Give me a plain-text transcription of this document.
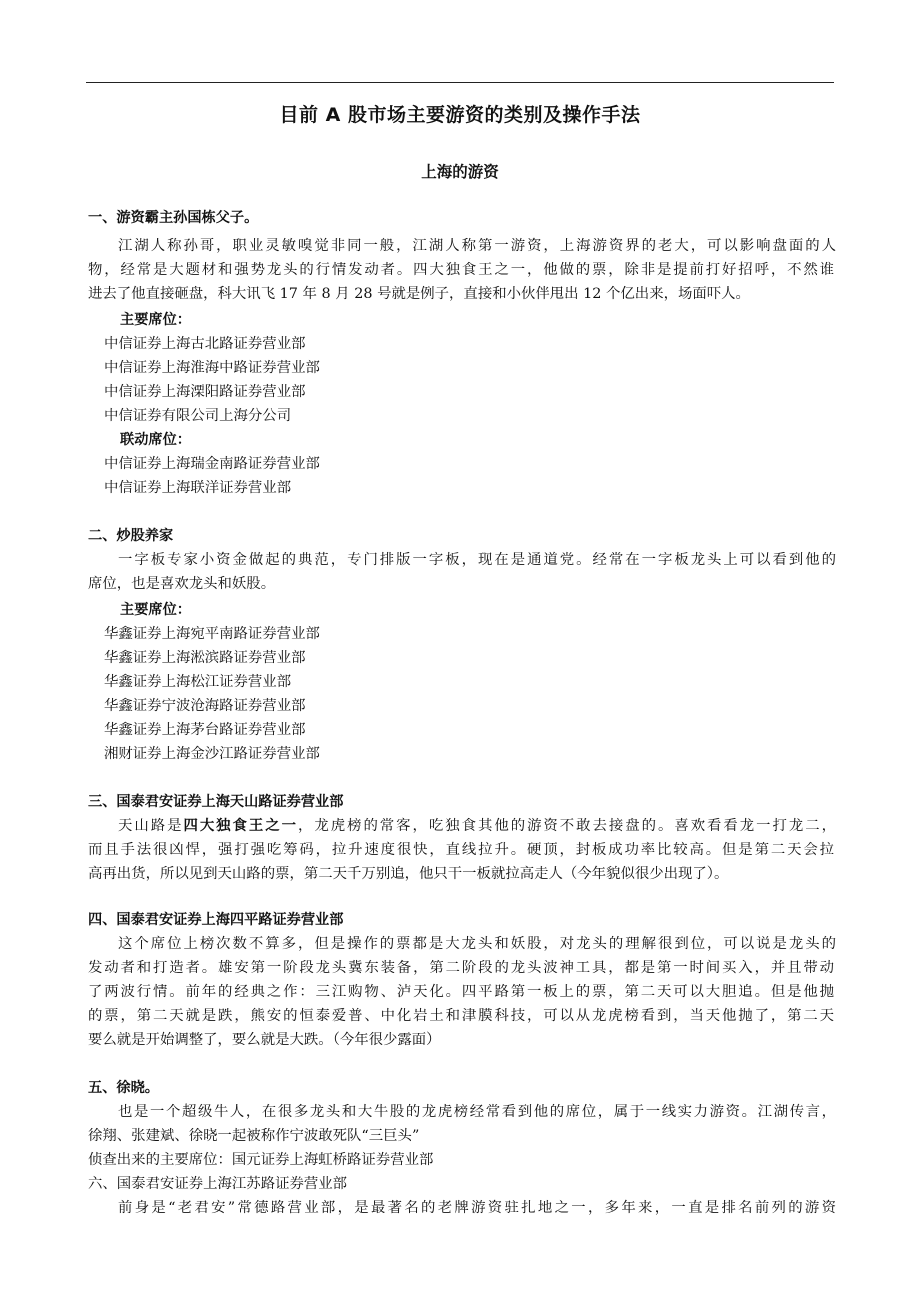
目前 A 股市场主要游资的类别及操作手法
上海的游资
一、游资霸主孙国栋父子。
江湖人称孙哥，职业灵敏嗅觉非同一般，江湖人称第一游资，上海游资界的老大，可以影响盘面的人
物，经常是大题材和强势龙头的行情发动者。四大独食王之一，他做的票，除非是提前打好招呼，不然谁
进去了他直接砸盘，科大讯飞 17 年 8 月 28 号就是例子，直接和小伙伴甩出 12 个亿出来，场面吓人。
主要席位：
中信证券上海古北路证券营业部
中信证券上海淮海中路证券营业部
中信证券上海溧阳路证券营业部
中信证券有限公司上海分公司
联动席位：
中信证券上海瑞金南路证券营业部
中信证券上海联洋证券营业部
二、炒股养家
一字板专家小资金做起的典范，专门排版一字板，现在是通道党。经常在一字板龙头上可以看到他的
席位，也是喜欢龙头和妖股。
主要席位：
华鑫证券上海宛平南路证券营业部
华鑫证券上海淞滨路证券营业部
华鑫证券上海松江证券营业部
华鑫证券宁波沧海路证券营业部
华鑫证券上海茅台路证券营业部
湘财证券上海金沙江路证券营业部
三、国泰君安证券上海天山路证券营业部
天山路是四大独食王之一，龙虎榜的常客，吃独食其他的游资不敢去接盘的。喜欢看看龙一打龙二，
而且手法很凶悍，强打强吃筹码，拉升速度很快，直线拉升。硬顶，封板成功率比较高。但是第二天会拉
高再出货，所以见到天山路的票，第二天千万别追，他只干一板就拉高走人（今年貌似很少出现了）。
四、国泰君安证券上海四平路证券营业部
这个席位上榜次数不算多，但是操作的票都是大龙头和妖股，对龙头的理解很到位，可以说是龙头的
发动者和打造者。雄安第一阶段龙头冀东装备，第二阶段的龙头波神工具，都是第一时间买入，并且带动
了两波行情。前年的经典之作：三江购物、泸天化。四平路第一板上的票，第二天可以大胆追。但是他抛
的票，第二天就是跌，熊安的恒泰爱普、中化岩土和津膜科技，可以从龙虎榜看到，当天他抛了，第二天
要么就是开始调整了，要么就是大跌。（今年很少露面）
五、徐晓。
也是一个超级牛人，在很多龙头和大牛股的龙虎榜经常看到他的席位，属于一线实力游资。江湖传言，
徐翔、张建斌、徐晓一起被称作宁波敢死队“三巨头”
侦查出来的主要席位：国元证券上海虹桥路证券营业部
六、国泰君安证券上海江苏路证券营业部
前身是“老君安”常德路营业部，是最著名的老牌游资驻扎地之一，多年来，一直是排名前列的游资
